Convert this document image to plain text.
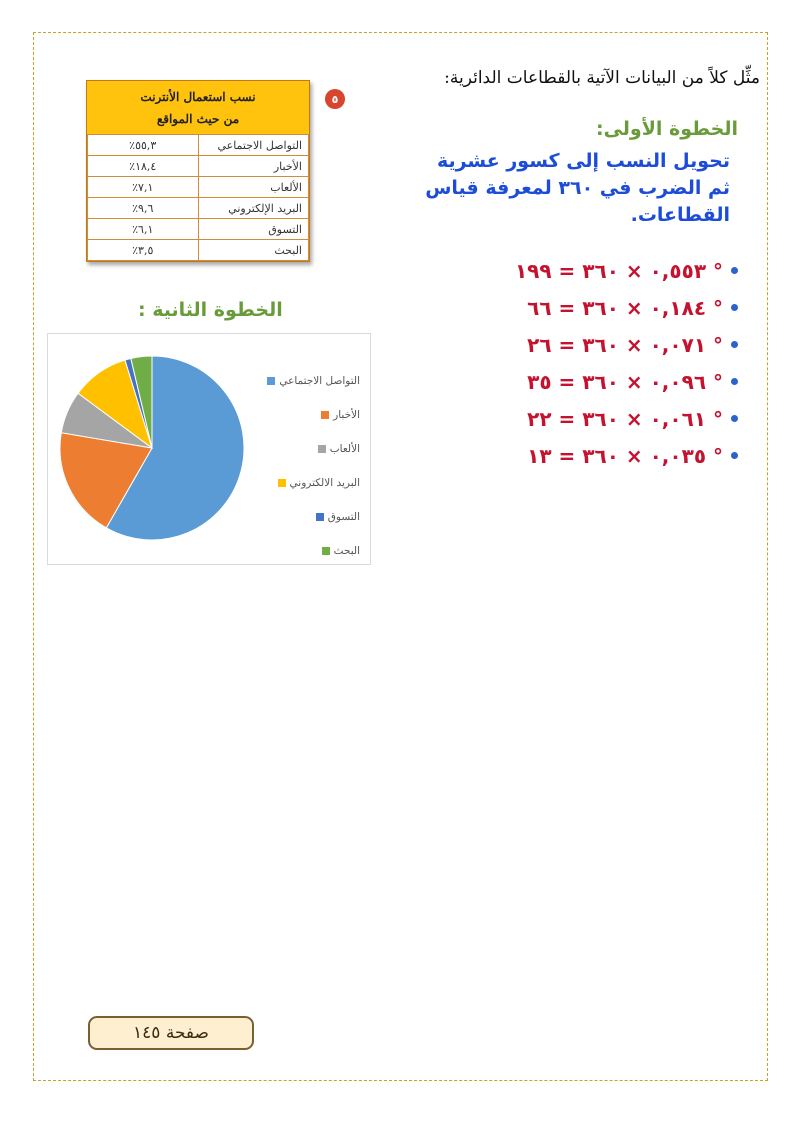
مثِّل كلاً من البيانات الآتية بالقطاعات الدائرية:
٥
الخطوة الأولى:
تحويل النسب إلى كسور عشرية ثم الضرب في ٣٦٠ لمعرفة قياس القطاعات.
٠,٥٥٣ × ٣٦٠ = ١٩٩ °
٠,١٨٤ × ٣٦٠ = ٦٦ °
٠,٠٧١ × ٣٦٠ = ٢٦ °
٠,٠٩٦ × ٣٦٠ = ٣٥ °
٠,٠٦١ × ٣٦٠ = ٢٢ °
٠,٠٣٥ × ٣٦٠ = ١٣ °
نسب استعمال الأنترنت
من حيث المواقع
التواصل الاجتماعي	٥٥,٣٪
الأخبار	١٨,٤٪
الألعاب	٧,١٪
البريد الإلكتروني	٩,٦٪
التسوق	٦,١٪
البحث	٣,٥٪
الخطوة الثانية :
التواصل الاجتماعي
الأخبار
الألعاب
البريد الالكتروني
التسوق
البحث
صفحة ١٤٥
